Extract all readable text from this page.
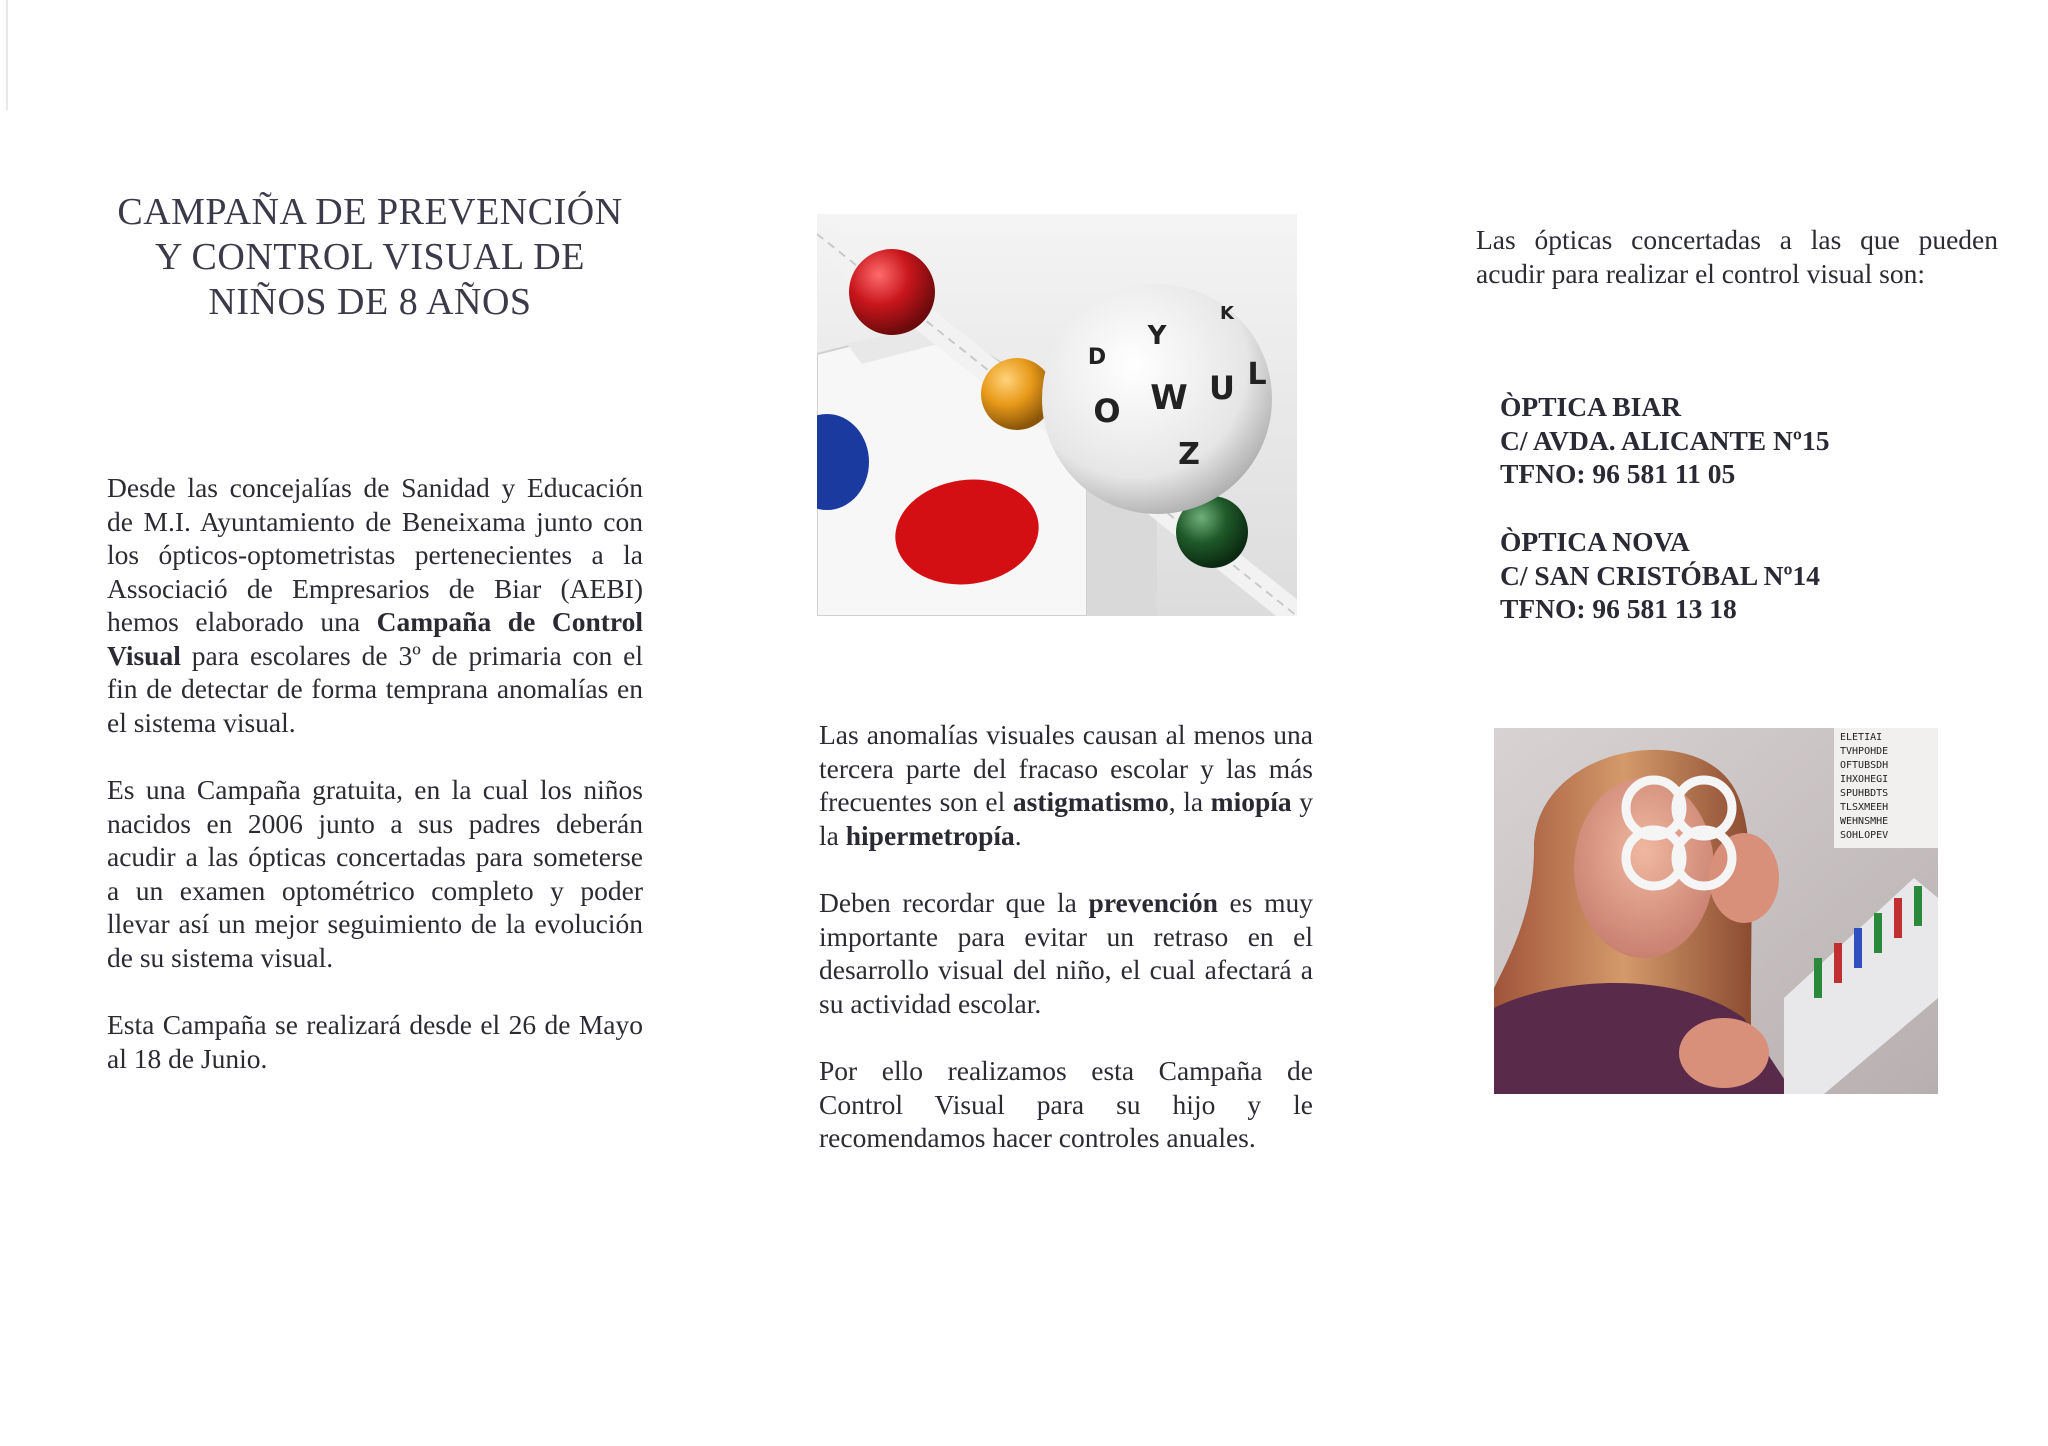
CAMPAÑA DE PREVENCIÓN
Y CONTROL VISUAL DE
NIÑOS DE 8 AÑOS

Desde las concejalías de Sanidad y Educación de M.I. Ayuntamiento de Beneixama junto con los ópticos-optometristas pertenecientes a la Associació de Empresarios de Biar (AEBI) hemos elaborado una Campaña de Control Visual para escolares de 3º de primaria con el fin de detectar de forma temprana anomalías en el sistema visual.

Es una Campaña gratuita, en la cual los niños nacidos en 2006 junto a sus padres deberán acudir a las ópticas concertadas para someterse a un examen optométrico completo y poder llevar así un mejor seguimiento de la evolución de su sistema visual.

Esta Campaña se realizará desde el 26 de Mayo al 18 de Junio.

Y
W U L
O
Z
D
K

Las anomalías visuales causan al menos una tercera parte del fracaso escolar y las más frecuentes son el astigmatismo, la miopía y la hipermetropía.

Deben recordar que la prevención es muy importante para evitar un retraso en el desarrollo visual del niño, el cual afectará a su actividad escolar.

Por ello realizamos esta Campaña de Control Visual para su hijo y le recomendamos hacer controles anuales.

Las ópticas concertadas a las que pueden acudir para realizar el control visual son:

ÒPTICA BIAR
C/ AVDA. ALICANTE Nº15
TFNO: 96 581 11 05
ÒPTICA NOVA
C/ SAN CRISTÓBAL Nº14
TFNO: 96 581 13 18
ELETIAI
TVHPOHDE
OFTUBSDH
IHXOHEGI
SPUHBDTS
TLSXMEEH
WEHNSMHE
SOHLOPEV
